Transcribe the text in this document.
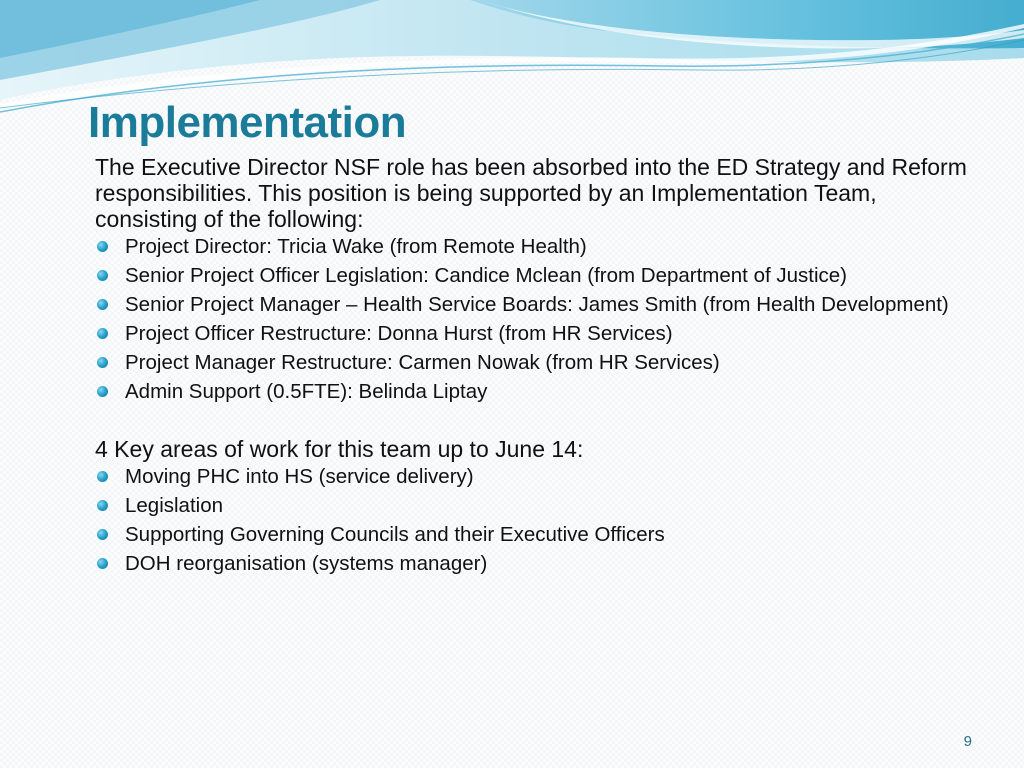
Implementation

The Executive Director NSF role has been absorbed into the ED Strategy and Reform responsibilities. This position is being supported by an Implementation Team, consisting of the following:

Project Director: Tricia Wake (from Remote Health)
Senior Project Officer Legislation: Candice Mclean (from Department of Justice)
Senior Project Manager – Health Service Boards: James Smith (from Health Development)
Project Officer Restructure: Donna Hurst (from HR Services)
Project Manager Restructure: Carmen Nowak (from HR Services)
Admin Support (0.5FTE): Belinda Liptay

4 Key areas of work for this team up to June 14:

Moving PHC into HS (service delivery)
Legislation
Supporting Governing Councils and their Executive Officers
DOH reorganisation (systems manager)
9
